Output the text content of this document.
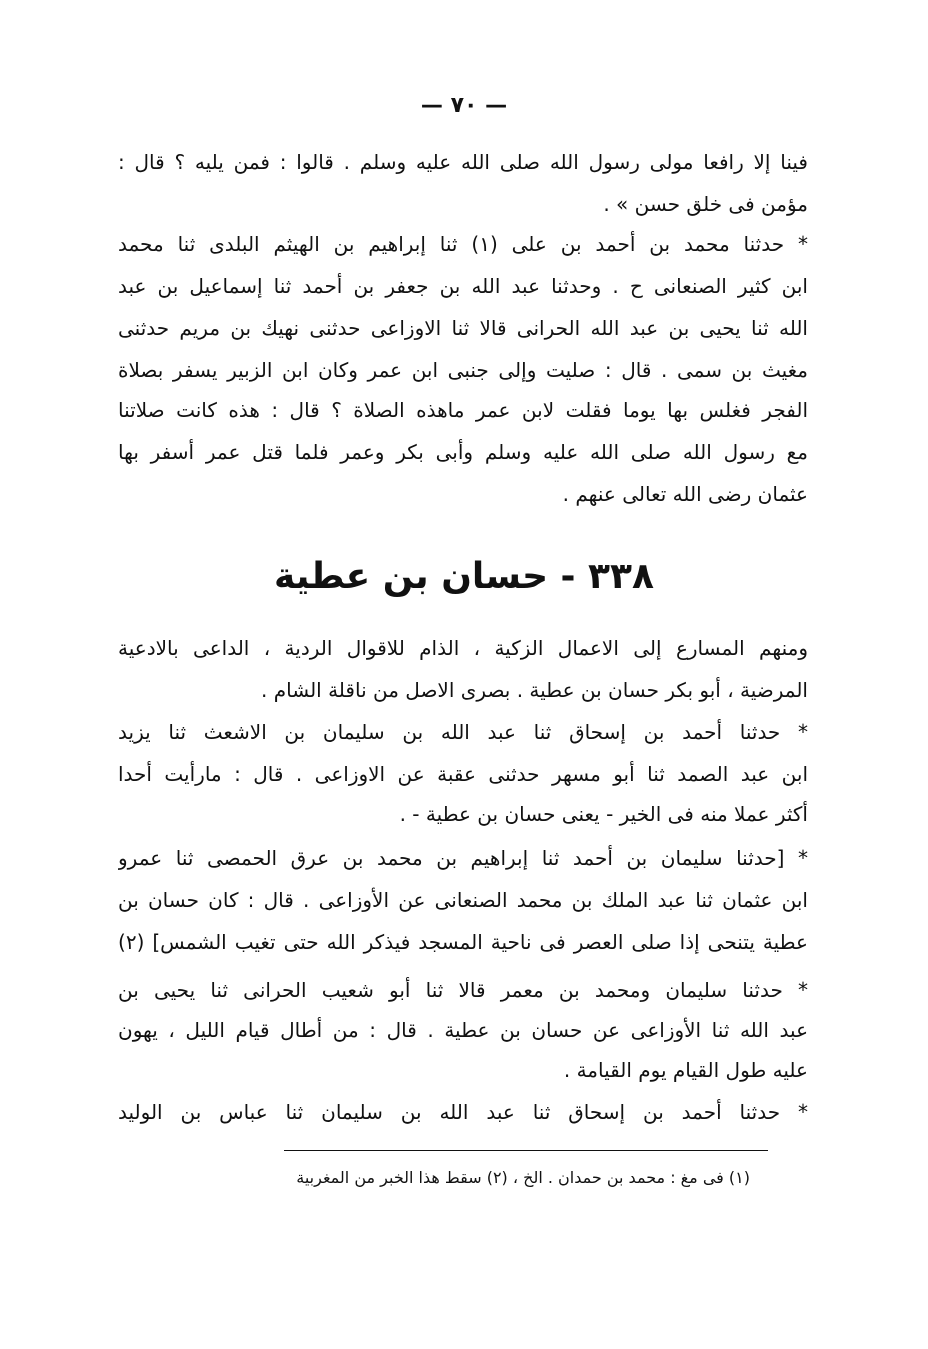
— ٧٠ —
فينا إلا رافعا مولى رسول الله صلى الله عليه وسلم . قالوا : فمن يليه ؟ قال :
مؤمن فى خلق حسن » .
* حدثنا محمد بن أحمد بن على (١) ثنا إبراهيم بن الهيثم البلدى ثنا محمد
ابن كثير الصنعانى ح . وحدثنا عبد الله بن جعفر بن أحمد ثنا إسماعيل بن عبد
الله ثنا يحيى بن عبد الله الحرانى قالا ثنا الاوزاعى حدثنى نهيك بن مريم حدثنى
مغيث بن سمى . قال : صليت وإلى جنبى ابن عمر وكان ابن الزبير يسفر بصلاة
الفجر فغلس بها يوما فقلت لابن عمر ماهذه الصلاة ؟ قال : هذه كانت صلاتنا
مع رسول الله صلى الله عليه وسلم وأبى بكر وعمر فلما قتل عمر أسفر بها
عثمان رضى الله تعالى عنهم .
٣٣٨ - حسان بن عطية
ومنهم المسارع إلى الاعمال الزكية ، الذام للاقوال الردية ، الداعى بالادعية
المرضية ، أبو بكر حسان بن عطية . بصرى الاصل من ناقلة الشام .
* حدثنا أحمد بن إسحاق ثنا عبد الله بن سليمان بن الاشعث ثنا يزيد
ابن عبد الصمد ثنا أبو مسهر حدثنى عقبة عن الاوزاعى . قال : مارأيت أحدا
أكثر عملا منه فى الخير - يعنى حسان بن عطية - .
* [حدثنا سليمان بن أحمد ثنا إبراهيم بن محمد بن عرق الحمصى ثنا عمرو
ابن عثمان ثنا عبد الملك بن محمد الصنعانى عن الأوزاعى . قال : كان حسان بن
عطية يتنحى إذا صلى العصر فى ناحية المسجد فيذكر الله حتى تغيب الشمس] (٢)
* حدثنا سليمان ومحمد بن معمر قالا ثنا أبو شعيب الحرانى ثنا يحيى بن
عبد الله ثنا الأوزاعى عن حسان بن عطية . قال : من أطال قيام الليل ، يهون
عليه طول القيام يوم القيامة .
* حدثنا أحمد بن إسحاق ثنا عبد الله بن سليمان ثنا عباس بن الوليد
(١) فى مغ : محمد بن حمدان . الخ ، (٢) سقط هذا الخبر من المغربية
